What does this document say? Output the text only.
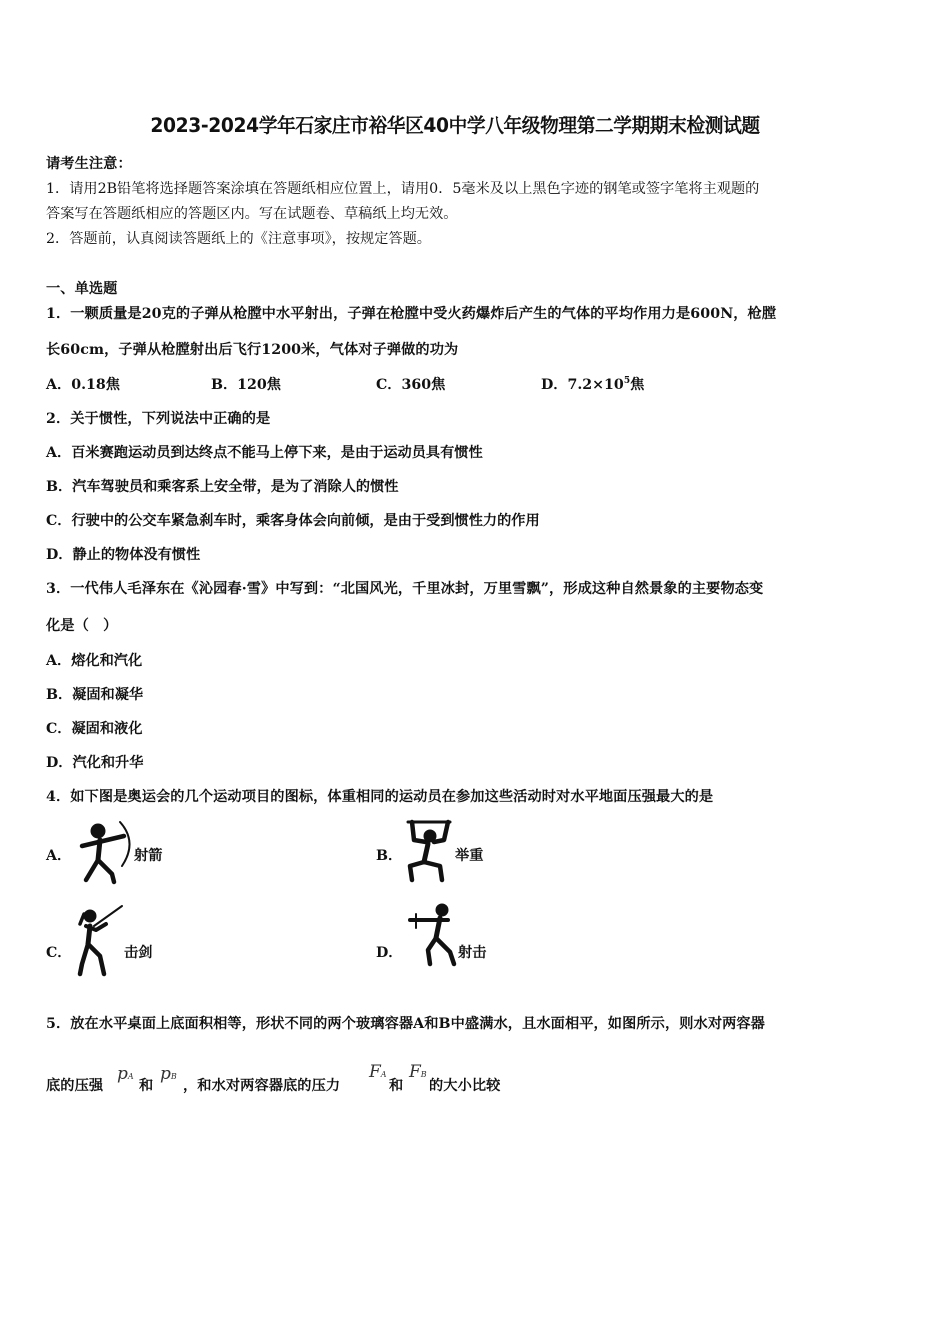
2023-2024学年石家庄市裕华区40中学八年级物理第二学期期末检测试题
请考生注意：
1．请用2B铅笔将选择题答案涂填在答题纸相应位置上，请用0．5毫米及以上黑色字迹的钢笔或签字笔将主观题的
答案写在答题纸相应的答题区内。写在试题卷、草稿纸上均无效。
2．答题前，认真阅读答题纸上的《注意事项》，按规定答题。
一、单选题
1．一颗质量是20克的子弹从枪膛中水平射出，子弹在枪膛中受火药爆炸后产生的气体的平均作用力是600N，枪膛
长60cm，子弹从枪膛射出后飞行1200米，气体对子弹做的功为
A．0.18焦	B．120焦	C．360焦	D．$7.2\times 10^5$焦
2．关于惯性，下列说法中正确的是
A．百米赛跑运动员到达终点不能马上停下来，是由于运动员具有惯性
B．汽车驾驶员和乘客系上安全带，是为了消除人的惯性
C．行驶中的公交车紧急刹车时，乘客身体会向前倾，是由于受到惯性力的作用
D．静止的物体没有惯性
3．一代伟人毛泽东在《沁园春·雪》中写到：“北国风光，千里冰封，万里雪飘”，形成这种自然景象的主要物态变
化是（　）
A．熔化和汽化
B．凝固和凝华
C．凝固和液化
D．汽化和升华
4．如下图是奥运会的几个运动项目的图标，体重相同的运动员在参加这些活动时对水平地面压强最大的是
A．	射箭	B．	举重
C．	击剑	D．	射击
5．放在水平桌面上底面积相等，形状不同的两个玻璃容器A和B中盛满水，且水面相平，如图所示，则水对两容器
底的压强
pA
和
pB
，和水对两容器底的压力
FA
和
FB
的大小比较
